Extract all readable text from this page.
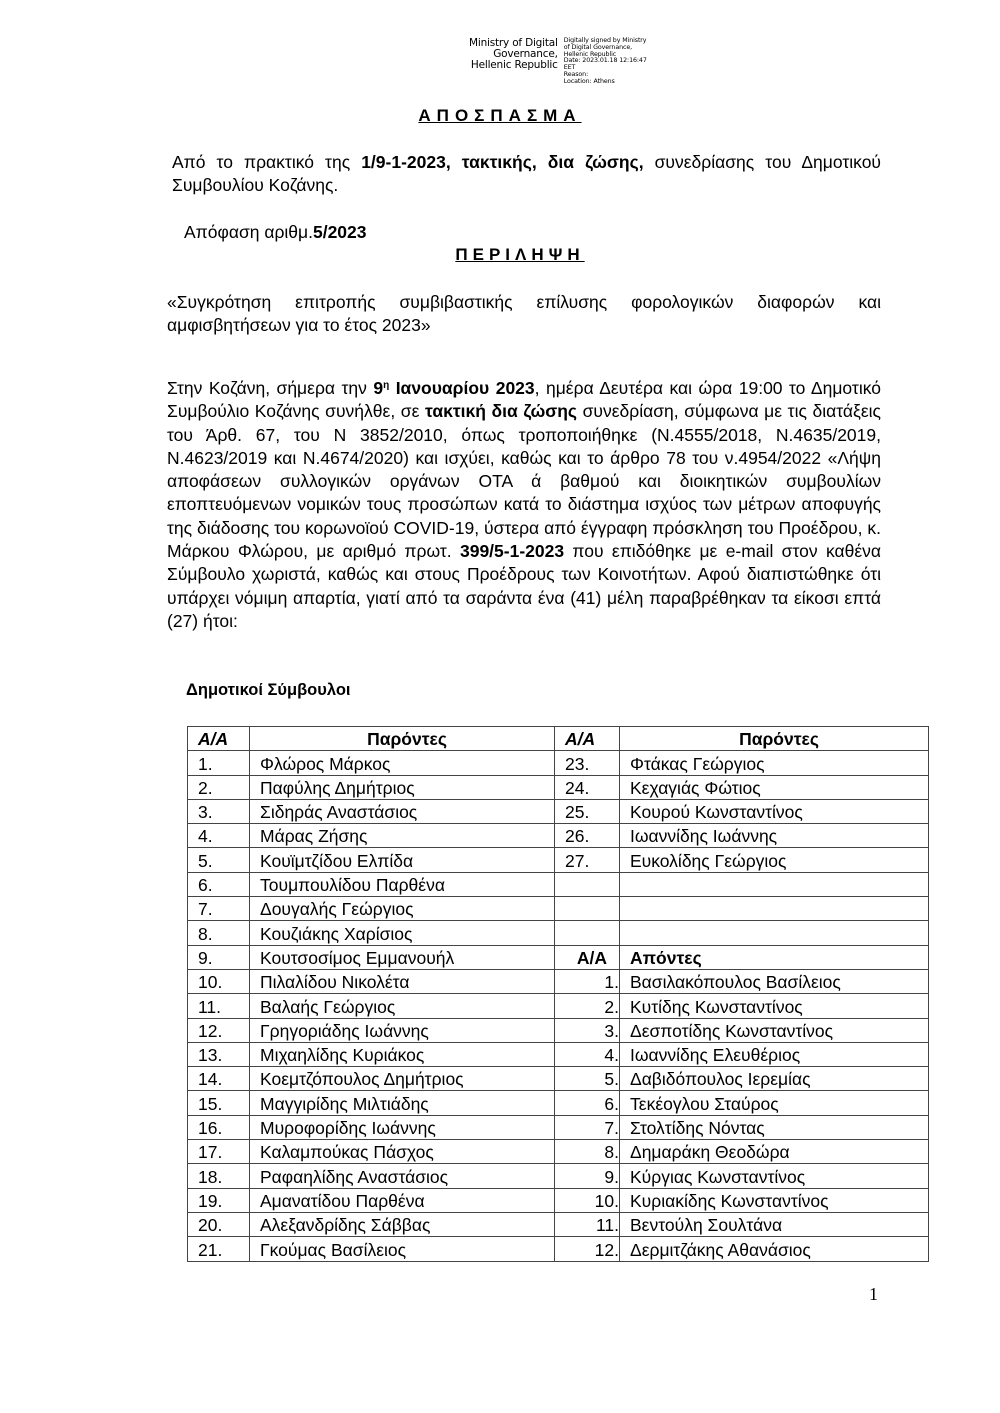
Ministry of Digital
Governance,
Hellenic Republic
Digitally signed by Ministry
of Digital Governance,
Hellenic Republic
Date: 2023.01.18 12:16:47
EET
Reason:
Location: Athens
ΑΠΟΣΠΑΣΜΑ
Από το πρακτικό της 1/9-1-2023, τακτικής, δια ζώσης, συνεδρίασης του Δημοτικού Συμβουλίου Κοζάνης.
Απόφαση αριθμ.5/2023
ΠΕΡΙΛΗΨΗ
«Συγκρότηση επιτροπής συμβιβαστικής επίλυσης φορολογικών διαφορών και αμφισβητήσεων για το έτος 2023»
Στην Κοζάνη, σήμερα την $9^\eta$ Ιανουαρίου 2023, ημέρα Δευτέρα και ώρα 19:00 το Δημοτικό Συμβούλιο Κοζάνης συνήλθε, σε τακτική δια ζώσης συνεδρίαση, σύμφωνα με τις διατάξεις του Άρθ. 67, του Ν 3852/2010, όπως τροποποιήθηκε (Ν.4555/2018, Ν.4635/2019, Ν.4623/2019 και Ν.4674/2020) και ισχύει, καθώς και το άρθρο 78 του ν.4954/2022 «Λήψη αποφάσεων συλλογικών οργάνων ΟΤΑ ά βαθμού και διοικητικών συμβουλίων εποπτευόμενων νομικών τους προσώπων κατά το διάστημα ισχύος των μέτρων αποφυγής της διάδοσης του κορωνοϊού COVID-19, ύστερα από έγγραφη πρόσκληση του Προέδρου, κ. Μάρκου Φλώρου, με αριθμό πρωτ. 399/5-1-2023 που επιδόθηκε με e-mail στον καθένα Σύμβουλο χωριστά, καθώς και στους Προέδρους των Κοινοτήτων. Αφού διαπιστώθηκε ότι υπάρχει νόμιμη απαρτία, γιατί από τα σαράντα ένα (41) μέλη παραβρέθηκαν τα είκοσι επτά (27) ήτοι:
Δημοτικοί Σύμβουλοι
Α/Α	Παρόντες	Α/Α	Παρόντες
1.	Φλώρος Μάρκος	23.	Φτάκας Γεώργιος
2.	Παφύλης Δημήτριος	24.	Κεχαγιάς Φώτιος
3.	Σιδηράς Αναστάσιος	25.	Κουρού Κωνσταντίνος
4.	Μάρας Ζήσης	26.	Ιωαννίδης Ιωάννης
5.	Κουϊμτζίδου Ελπίδα	27.	Ευκολίδης Γεώργιος
6.	Τουμπουλίδου Παρθένα		
7.	Δουγαλής Γεώργιος		
8.	Κουζιάκης Χαρίσιος		
9.	Κουτσοσίμος Εμμανουήλ	Α/Α	Απόντες
10.	Πιλαλίδου Νικολέτα	1.	Βασιλακόπουλος Βασίλειος
11.	Βαλαής Γεώργιος	2.	Κυτίδης Κωνσταντίνος
12.	Γρηγοριάδης Ιωάννης	3.	Δεσποτίδης Κωνσταντίνος
13.	Μιχαηλίδης Κυριάκος	4.	Ιωαννίδης Ελευθέριος
14.	Κοεμτζόπουλος Δημήτριος	5.	Δαβιδόπουλος Ιερεμίας
15.	Μαγγιρίδης Μιλτιάδης	6.	Τεκέογλου Σταύρος
16.	Μυροφορίδης Ιωάννης	7.	Στολτίδης Νόντας
17.	Καλαμπούκας Πάσχος	8.	Δημαράκη Θεοδώρα
18.	Ραφαηλίδης Αναστάσιος	9.	Κύργιας Κωνσταντίνος
19.	Αμανατίδου Παρθένα	10.	Κυριακίδης Κωνσταντίνος
20.	Αλεξανδρίδης Σάββας	11.	Βεντούλη Σουλτάνα
21.	Γκούμας Βασίλειος	12.	Δερμιτζάκης Αθανάσιος
1
